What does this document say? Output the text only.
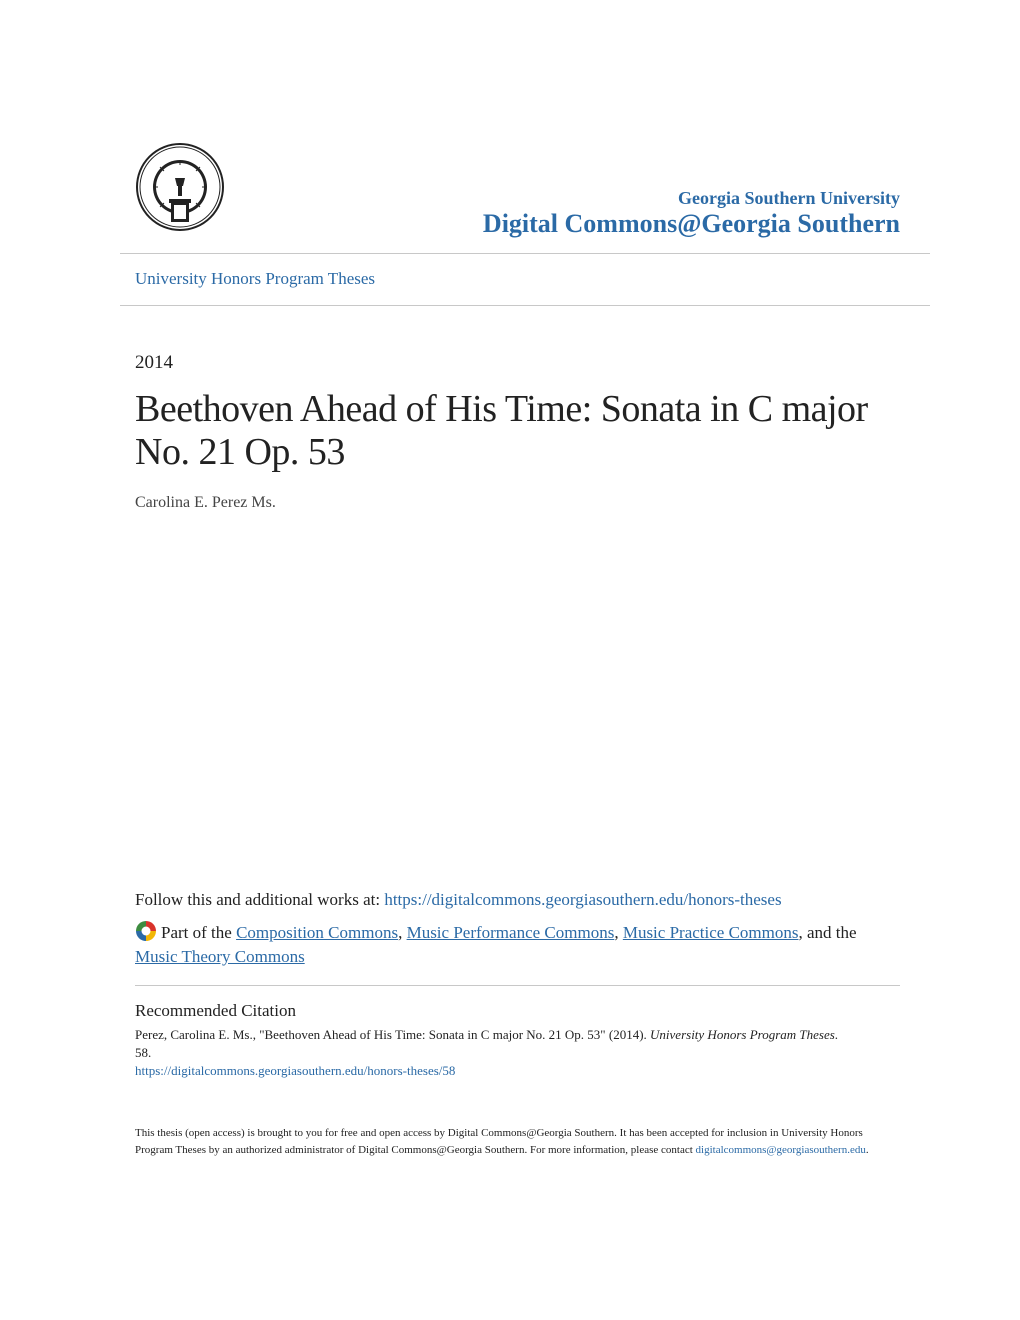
Georgia Southern University
Digital Commons@Georgia Southern
University Honors Program Theses
2014
Beethoven Ahead of His Time: Sonata in C major No. 21 Op. 53
Carolina E. Perez Ms.
Follow this and additional works at: https://digitalcommons.georgiasouthern.edu/honors-theses
Part of the Composition Commons, Music Performance Commons, Music Practice Commons, and the Music Theory Commons
Recommended Citation
Perez, Carolina E. Ms., "Beethoven Ahead of His Time: Sonata in C major No. 21 Op. 53" (2014). University Honors Program Theses.
58.
https://digitalcommons.georgiasouthern.edu/honors-theses/58
This thesis (open access) is brought to you for free and open access by Digital Commons@Georgia Southern. It has been accepted for inclusion in University Honors Program Theses by an authorized administrator of Digital Commons@Georgia Southern. For more information, please contact digitalcommons@georgiasouthern.edu.
